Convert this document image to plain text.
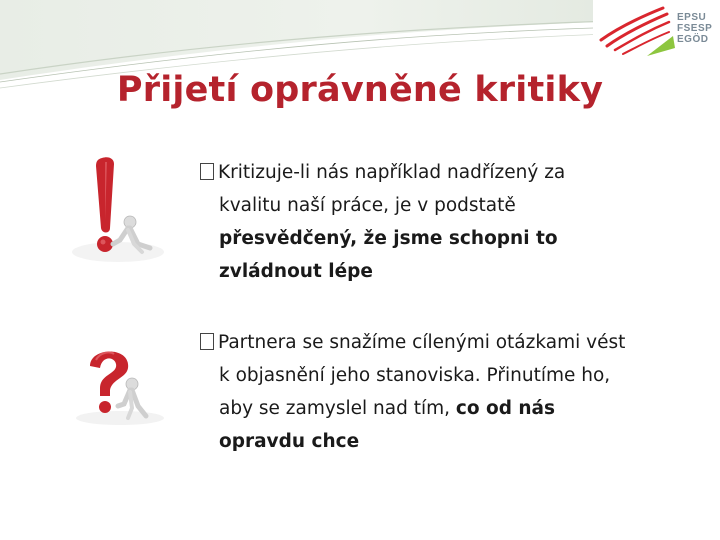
EPSU
FSESP
EGÖD
Přijetí oprávněné kritiky
Kritizuje-li nás například nadřízený za
kvalitu naší práce, je v podstatě
přesvědčený, že jsme schopni to
zvládnout lépe
Partnera se snažíme cílenými otázkami vést
k objasnění jeho stanoviska. Přinutíme ho,
aby se zamyslel nad tím, co od nás
opravdu chce
